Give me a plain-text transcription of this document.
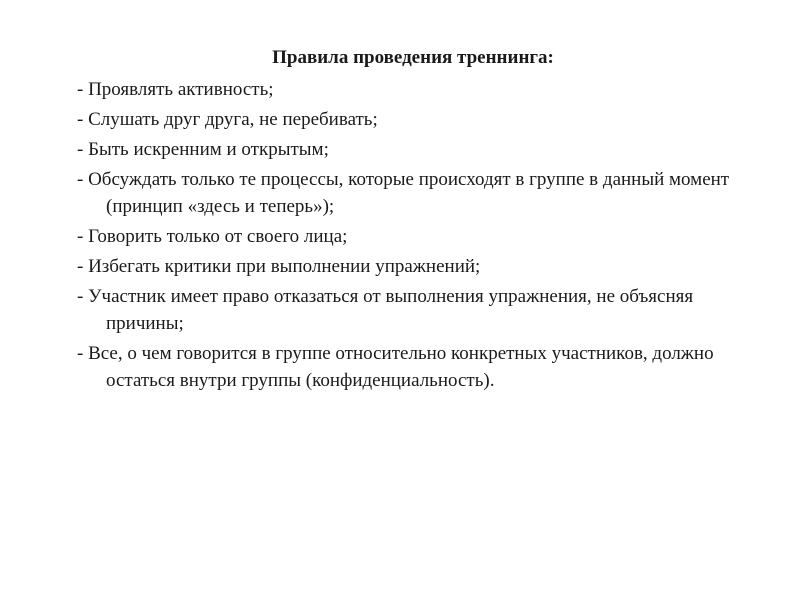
Правила проведения треннинга:
- Проявлять активность;
- Слушать друг друга, не перебивать;
- Быть искренним и открытым;
- Обсуждать только те процессы, которые происходят в группе в данный момент (принцип «здесь и теперь»);
- Говорить только от своего лица;
- Избегать критики при выполнении упражнений;
- Участник имеет право отказаться от выполнения упражнения, не объясняя причины;
- Все, о чем говорится в группе относительно конкретных участников, должно остаться внутри группы (конфиденциальность).
